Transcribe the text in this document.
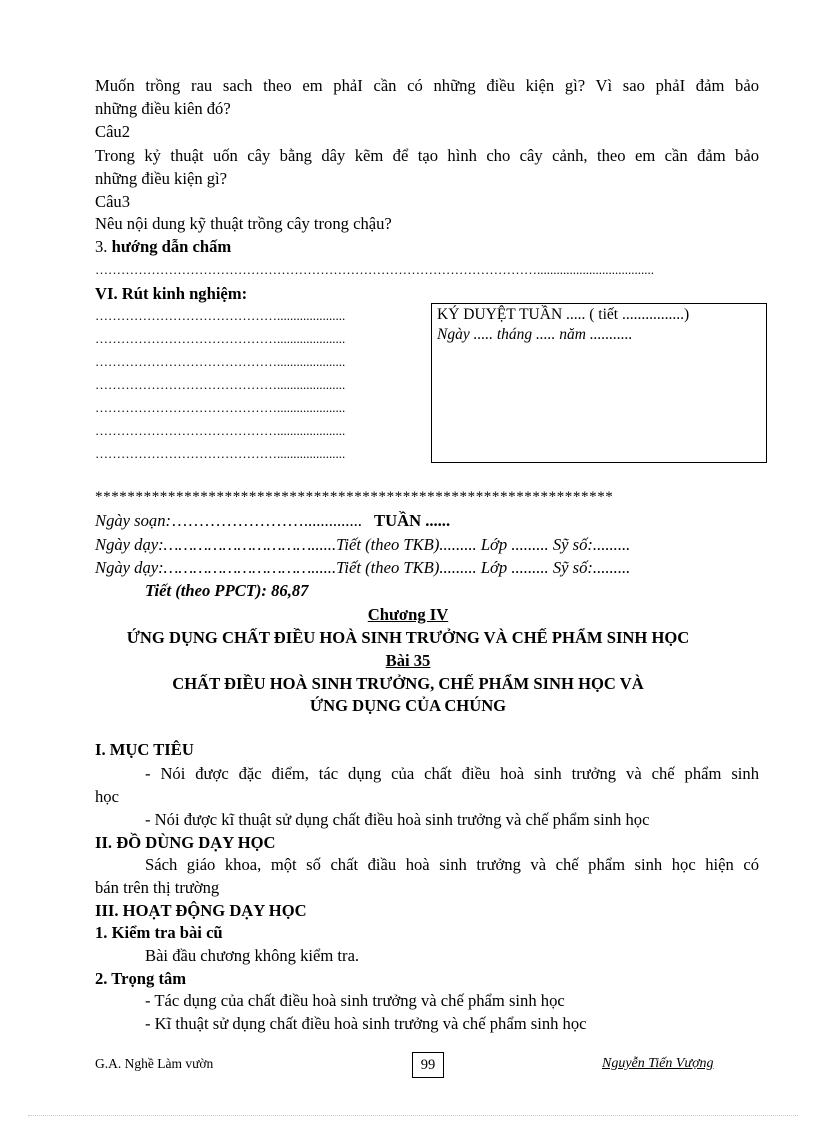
Muốn trồng rau sach theo em phảI cần có những điều kiện gì? Vì sao phảI đảm bảo
những điều kiên đó?
Câu2
Trong kỷ thuật uốn cây bằng dây kẽm để tạo hình cho cây cảnh, theo em cần đảm bảo
những điều kiện gì?
Câu3
Nêu nội dung kỹ thuật trồng cây trong chậu?
3. hướng dẫn chấm
…………………………………………………………………………………………....................................
VI. Rút kinh nghiệm:
…………………………………….....................
…………………………………….....................
…………………………………….....................
…………………………………….....................
…………………………………….....................
…………………………………….....................
…………………………………….....................
KÝ DUYỆT TUẦN ..... ( tiết ................)
Ngày ..... tháng ..... năm ...........
****************************************************************
Ngày soạn:…………………….............. TUẦN ......
Ngày dạy:…………………………......Tiết (theo TKB)......... Lớp ......... Sỹ số:.........
Ngày dạy:…………………………......Tiết (theo TKB)......... Lớp ......... Sỹ số:.........
Tiết (theo PPCT): 86,87
Chương IV
ỨNG DỤNG CHẤT ĐIỀU HOÀ SINH TRƯỞNG VÀ CHẾ PHẨM SINH HỌC
Bài 35
CHẤT ĐIỀU HOÀ SINH TRƯỞNG, CHẾ PHẨM SINH HỌC VÀ
ỨNG DỤNG CỦA CHÚNG
I. MỤC TIÊU
- Nói được đặc điểm, tác dụng của chất điều hoà sinh trưởng và chế phẩm sinh
học
- Nói được kĩ thuật sử dụng chất điều hoà sinh trưởng và chế phẩm sinh học
II. ĐỒ DÙNG DẠY HỌC
Sách giáo khoa, một số chất điầu hoà sinh trưởng và chế phẩm sinh học hiện có
bán trên thị trường
III. HOẠT ĐỘNG DẠY HỌC
1. Kiểm tra bài cũ
Bài đầu chương không kiểm tra.
2. Trọng tâm
- Tác dụng của chất điều hoà sinh trưởng và chế phẩm sinh học
- Kĩ thuật sử dụng chất điều hoà sinh trưởng và chế phẩm sinh học
G.A. Nghề Làm vườn	99	Nguyễn Tiến Vượng
